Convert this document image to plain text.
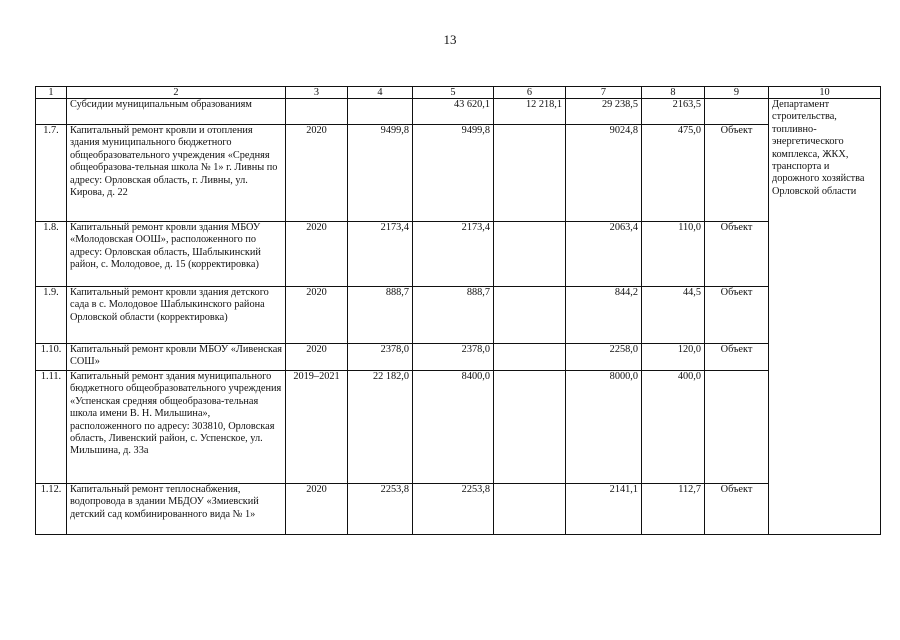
13
1	2	3	4	5	6	7	8	9	10
	Субсидии муниципальным образованиям			43 620,1	12 218,1	29 238,5	2163,5		Департамент строительства, топливно-энергетического комплекса, ЖКХ, транспорта и дорожного хозяйства Орловской области
1.7.	Капитальный ремонт кровли и отопления здания муниципального бюджетного общеобразовательного учреждения «Средняя общеобразова-тельная школа № 1» г. Ливны по адресу: Орловская область, г. Ливны, ул. Кирова, д. 22	2020	9499,8	9499,8		9024,8	475,0	Объект	
1.8.	Капитальный ремонт кровли здания МБОУ «Молодовская ООШ», расположенного по адресу: Орловская область, Шаблыкинский район, с. Молодовое, д. 15 (корректировка)	2020	2173,4	2173,4		2063,4	110,0	Объект	
1.9.	Капитальный ремонт кровли здания детского сада в с. Молодовое Шаблыкинского района Орловской области (корректировка)	2020	888,7	888,7		844,2	44,5	Объект	
1.10.	Капитальный ремонт кровли МБОУ «Ливенская СОШ»	2020	2378,0	2378,0		2258,0	120,0	Объект	
1.11.	Капитальный ремонт здания муниципального бюджетного общеобразовательного учреждения «Успенская средняя общеобразова-тельная школа имени В. Н. Мильшина», расположенного по адресу: 303810, Орловская область, Ливенский район, с. Успенское, ул. Мильшина, д. 33а	2019–2021	22 182,0	8400,0		8000,0	400,0		
1.12.	Капитальный ремонт теплоснабжения, водопровода в здании МБДОУ «Змиевский детский сад комбинированного вида № 1»	2020	2253,8	2253,8		2141,1	112,7	Объект	
